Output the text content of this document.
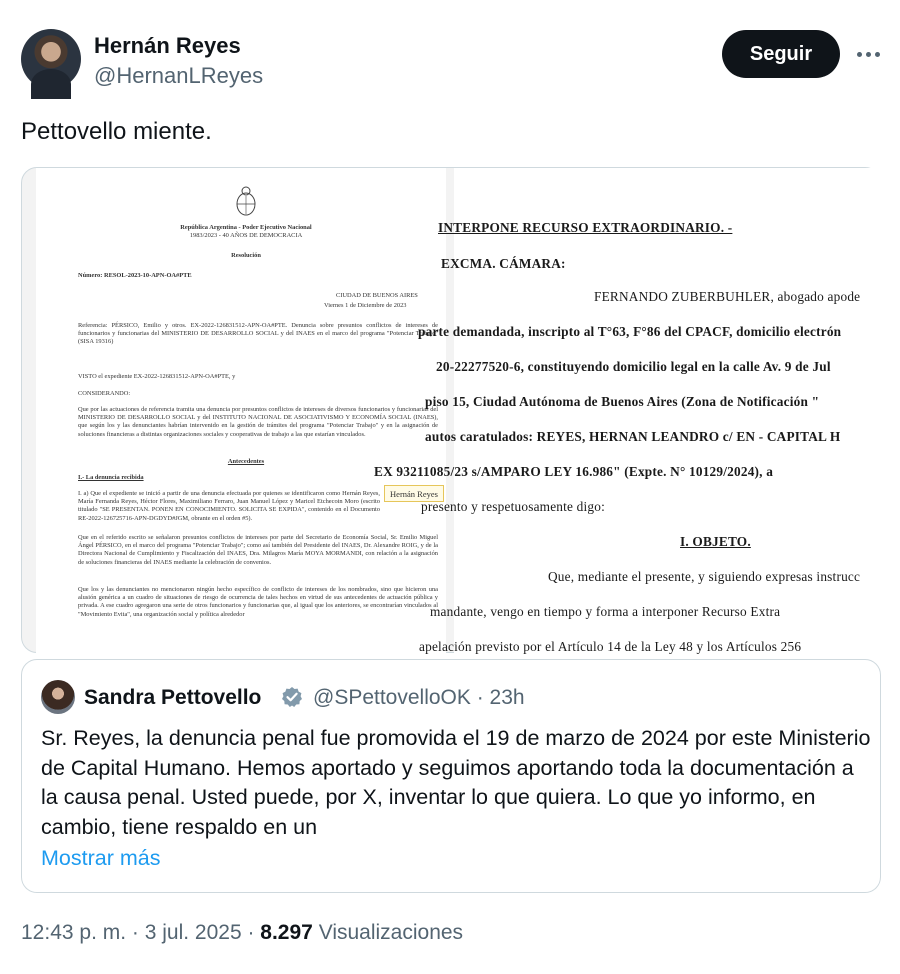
Hernán Reyes
@HernanLReyes
Seguir
Pettovello miente.
República Argentina - Poder Ejecutivo Nacional
1983/2023 - 40 AÑOS DE DEMOCRACIA
Resolución
Número: RESOL-2023-10-APN-OA#PTE
CIUDAD DE BUENOS AIRES
Viernes 1 de Diciembre de 2023
Referencia: PÉRSICO, Emilio y otros. EX-2022-126831512-APN-OA#PTE. Denuncia sobre presuntos conflictos de intereses de funcionarios y funcionarias del MINISTERIO DE DESARROLLO SOCIAL y del INAES en el marco del programa "Potenciar Trabajo" (SISA 19316)
VISTO el expediente EX-2022-126831512-APN-OA#PTE, y
CONSIDERANDO:
Que por las actuaciones de referencia tramita una denuncia por presuntos conflictos de intereses de diversos funcionarios y funcionarias del MINISTERIO DE DESARROLLO SOCIAL y del INSTITUTO NACIONAL DE ASOCIATIVISMO Y ECONOMÍA SOCIAL (INAES), que según los y las denunciantes habrían intervenido en la gestión de trámites del programa "Potenciar Trabajo" y en la asignación de soluciones financieras a distintas organizaciones sociales y cooperativas de trabajo a las que estarían vinculados.
Antecedentes
I.- La denuncia recibida
I. a) Que el expediente se inició a partir de una denuncia efectuada por quienes se identificaron como Hernán Reyes, María Fernanda Reyes, Héctor Flores, Maximiliano Ferraro, Juan Manuel López y Maricel Etchecoin Moro (escrito titulado "SE PRESENTAN. PONEN EN CONOCIMIENTO. SOLICITA SE EXPIDA", contenido en el Documento RE-2022-126725716-APN-DGDYD#JGM, obrante en el orden #5).
Hernán Reyes
Que en el referido escrito se señalaron presuntos conflictos de intereses por parte del Secretario de Economía Social, Sr. Emilio Miguel Ángel PÉRSICO, en el marco del programa "Potenciar Trabajo"; como así también del Presidente del INAES, Dr. Alexandre ROIG, y de la Directora Nacional de Cumplimiento y Fiscalización del INAES, Dra. Milagros María MOYA MORMANDI, con relación a la asignación de soluciones financieras del INAES mediante la celebración de convenios.
Que los y las denunciantes no mencionaron ningún hecho específico de conflicto de intereses de los nombrados, sino que hicieron una alusión genérica a un cuadro de situaciones de riesgo de ocurrencia de tales hechos en virtud de sus antecedentes de actuación pública y privada. A ese cuadro agregaron una serie de otros funcionarios y funcionarias que, al igual que los anteriores, se encontrarían vinculados al "Movimiento Evita", una organización social y política alrededor
INTERPONE RECURSO EXTRAORDINARIO. -
EXCMA. CÁMARA:
FERNANDO ZUBERBUHLER, abogado apode
parte demandada, inscripto al T°63, F°86 del CPACF, domicilio electrón
20-22277520-6, constituyendo domicilio legal en la calle Av. 9 de Jul
piso 15, Ciudad Autónoma de Buenos Aires (Zona de Notificación "
autos caratulados: REYES, HERNAN LEANDRO c/ EN - CAPITAL H
EX 93211085/23 s/AMPARO LEY 16.986" (Expte. N° 10129/2024), a
presento y respetuosamente digo:
I. OBJETO.
Que, mediante el presente, y siguiendo expresas instrucc
mandante, vengo en tiempo y forma a interponer Recurso Extra
apelación previsto por el Artículo 14 de la Ley 48 y los Artículos 256
Sandra Pettovello @SPettovelloOK · 23h
Sr. Reyes, la denuncia penal fue promovida el 19 de marzo de 2024 por este Ministerio de Capital Humano. Hemos aportado y seguimos aportando toda la documentación a la causa penal. Usted puede, por X, inventar lo que quiera. Lo que yo informo, en cambio, tiene respaldo en un
Mostrar más
12:43 p. m. · 3 jul. 2025 · 8.297 Visualizaciones
